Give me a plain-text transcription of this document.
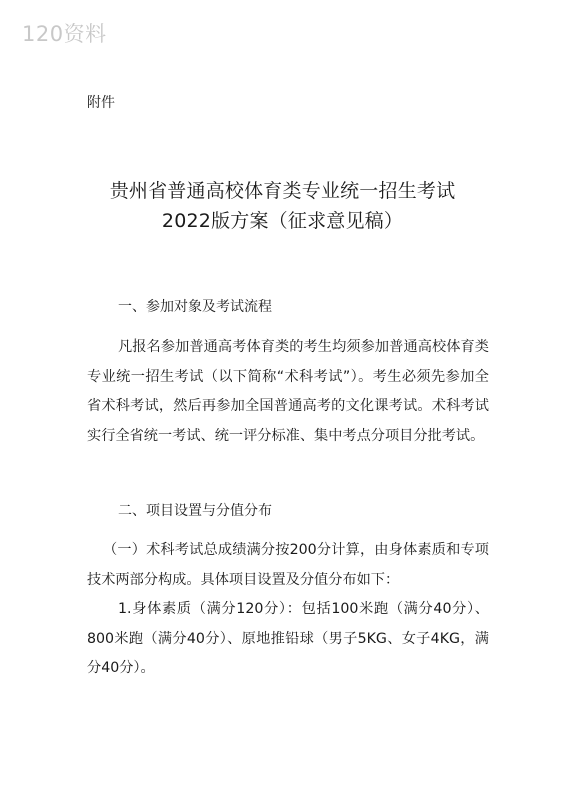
120资料
附件
贵州省普通高校体育类专业统一招生考试
2022版方案（征求意见稿）
一、参加对象及考试流程

凡报名参加普通高考体育类的考生均须参加普通高校体育类专业统一招生考试（以下简称“术科考试”）。考生必须先参加全省术科考试，然后再参加全国普通高考的文化课考试。术科考试实行全省统一考试、统一评分标准、集中考点分项目分批考试。

二、项目设置与分值分布

（一）术科考试总成绩满分按200分计算，由身体素质和专项技术两部分构成。具体项目设置及分值分布如下：

1.身体素质（满分120分）：包括100米跑（满分40分）、800米跑（满分40分）、原地推铅球（男子5KG、女子4KG，满分40分）。
